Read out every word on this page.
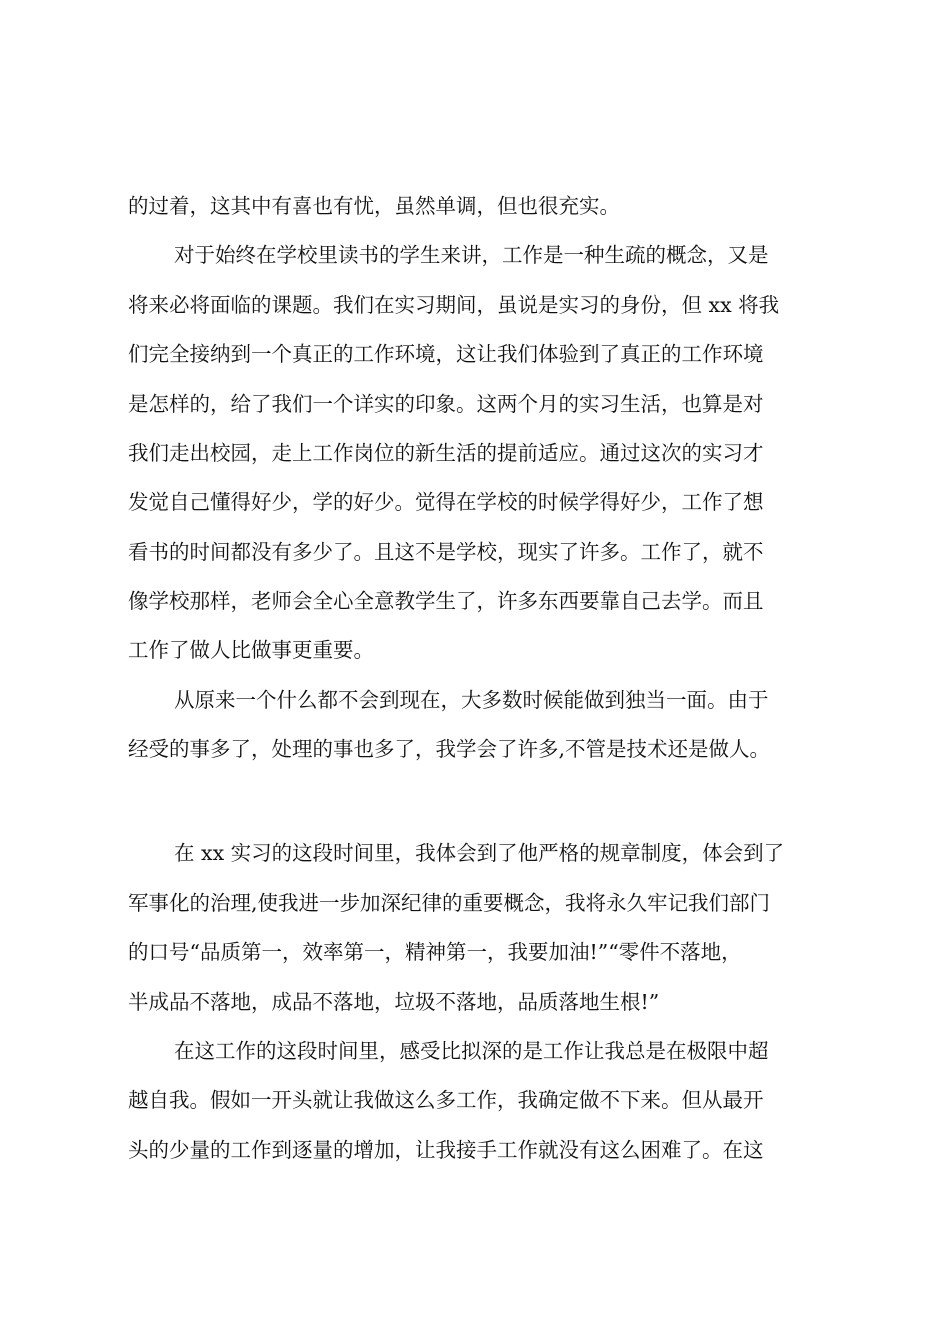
的过着，这其中有喜也有忧，虽然单调，但也很充实。
对于始终在学校里读书的学生来讲，工作是一种生疏的概念，又是
将来必将面临的课题。我们在实习期间，虽说是实习的身份，但 xx 将我
们完全接纳到一个真正的工作环境，这让我们体验到了真正的工作环境
是怎样的，给了我们一个详实的印象。这两个月的实习生活，也算是对
我们走出校园，走上工作岗位的新生活的提前适应。通过这次的实习才
发觉自己懂得好少，学的好少。觉得在学校的时候学得好少，工作了想
看书的时间都没有多少了。且这不是学校，现实了许多。工作了，就不
像学校那样，老师会全心全意教学生了，许多东西要靠自己去学。而且
工作了做人比做事更重要。
从原来一个什么都不会到现在，大多数时候能做到独当一面。由于
经受的事多了，处理的事也多了，我学会了许多,不管是技术还是做人。
在 xx 实习的这段时间里，我体会到了他严格的规章制度，体会到了
军事化的治理,使我进一步加深纪律的重要概念，我将永久牢记我们部门
的口号“品质第一，效率第一，精神第一，我要加油!”“零件不落地，
半成品不落地，成品不落地，垃圾不落地，品质落地生根!”
在这工作的这段时间里，感受比拟深的是工作让我总是在极限中超
越自我。假如一开头就让我做这么多工作，我确定做不下来。但从最开
头的少量的工作到逐量的增加，让我接手工作就没有这么困难了。在这
